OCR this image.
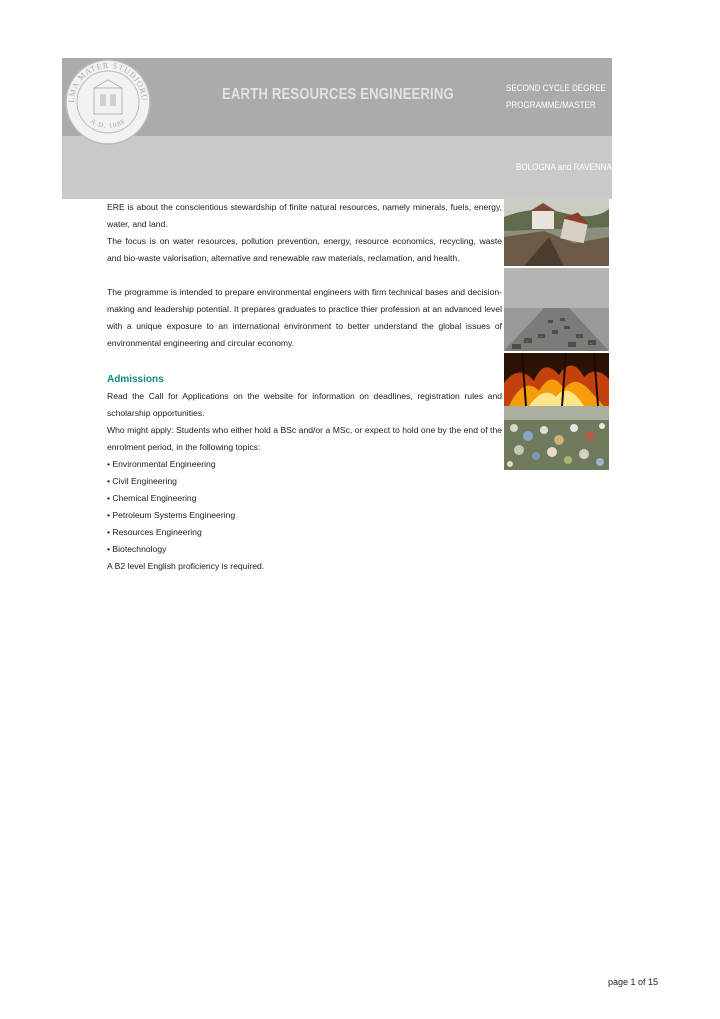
LMA MATER STUDIORU
A.D. 1088
EARTH RESOURCES ENGINEERING	SECOND CYCLE DEGREE
PROGRAMME/MASTER
BOLOGNA and RAVENNA

ERE is about the conscientious stewardship of finite natural resources, namely minerals, fuels, energy, water, and land.

The focus is on water resources, pollution prevention, energy, resource economics, recycling, waste and bio-waste valorisation, alternative and renewable raw materials, reclamation, and health.

The programme is intended to prepare environmental engineers with firm technical bases and decision-making and leadership potential. It prepares graduates to practice thier profession at an advanced level with a unique exposure to an international environment to better understand the global issues of environmental engineering and circular economy.

Admissions

Read the Call for Applications on the website for information on deadlines, registration rules and scholarship opportunities.

Who might apply: Students who either hold a BSc and/or a MSc, or expect to hold one by the end of the enrolment period, in the following topics:

• Environmental Engineering
• Civil Engineering
• Chemical Engineering
• Petroleum Systems Engineering
• Resources Engineering
• Biotechnology

A B2 level English proficiency is required.

page 1 of 15
